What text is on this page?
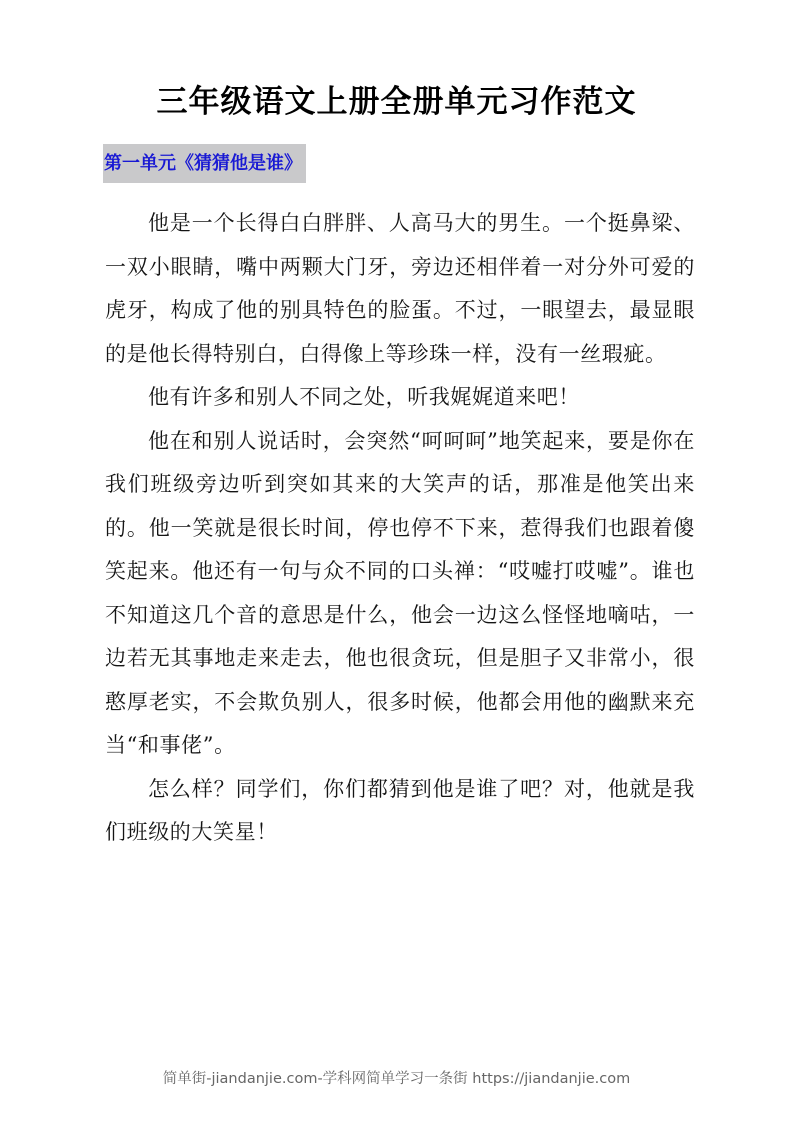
三年级语文上册全册单元习作范文
第一单元《猜猜他是谁》

他是一个长得白白胖胖、人高马大的男生。一个挺鼻梁、一双小眼睛，嘴中两颗大门牙，旁边还相伴着一对分外可爱的虎牙，构成了他的别具特色的脸蛋。不过，一眼望去，最显眼的是他长得特别白，白得像上等珍珠一样，没有一丝瑕疵。

他有许多和别人不同之处，听我娓娓道来吧！

他在和别人说话时，会突然“呵呵呵”地笑起来，要是你在我们班级旁边听到突如其来的大笑声的话，那准是他笑出来的。他一笑就是很长时间，停也停不下来，惹得我们也跟着傻笑起来。他还有一句与众不同的口头禅：“哎嘘打哎嘘”。谁也不知道这几个音的意思是什么，他会一边这么怪怪地嘀咕，一边若无其事地走来走去，他也很贪玩，但是胆子又非常小，很憨厚老实，不会欺负别人，很多时候，他都会用他的幽默来充当“和事佬”。

怎么样？同学们，你们都猜到他是谁了吧？对，他就是我们班级的大笑星！

简单街-jiandanjie.com-学科网简单学习一条街 https://jiandanjie.com
